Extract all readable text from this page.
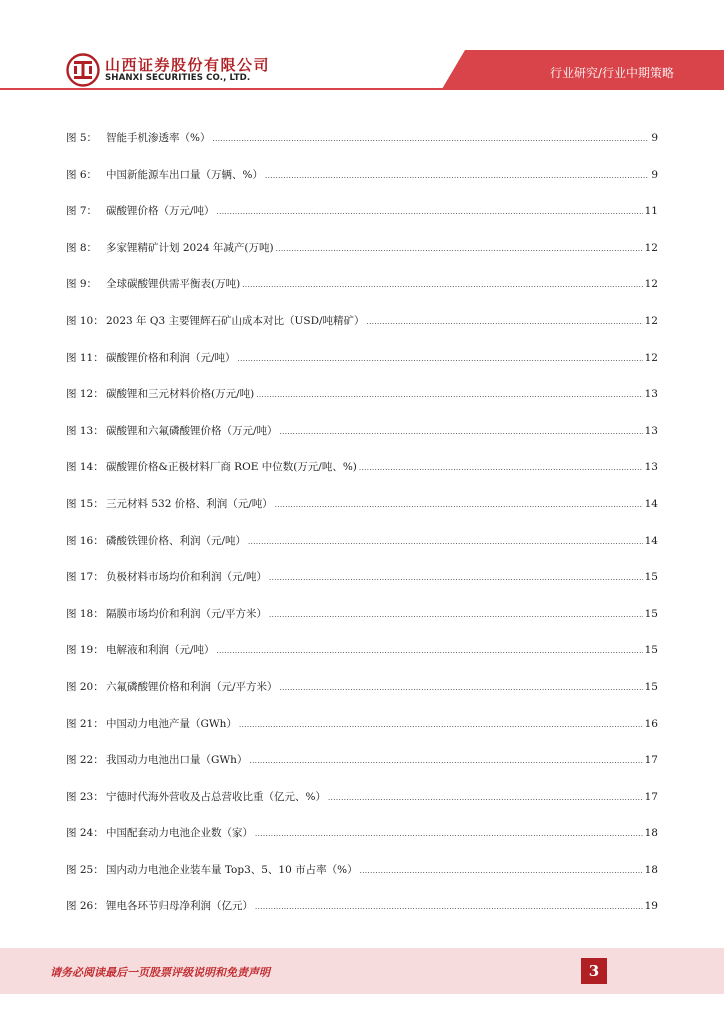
山西证券股份有限公司
SHANXI SECURITIES CO., LTD.	行业研究/行业中期策略
图 5： 智能手机渗透率（%） .....	9
图 6： 中国新能源车出口量（万辆、%） .....	9
图 7： 碳酸锂价格（万元/吨） .....	11
图 8： 多家锂精矿计划 2024 年减产(万吨) .....	12
图 9： 全球碳酸锂供需平衡表(万吨) .....	12
图 10： 2023 年 Q3 主要锂辉石矿山成本对比（USD/吨精矿） .....	12
图 11： 碳酸锂价格和利润（元/吨） .....	12
图 12： 碳酸锂和三元材料价格(万元/吨) .....	13
图 13： 碳酸锂和六氟磷酸锂价格（万元/吨） .....	13
图 14： 碳酸锂价格&正极材料厂商 ROE 中位数(万元/吨、%) .....	13
图 15： 三元材料 532 价格、利润（元/吨） .....	14
图 16： 磷酸铁锂价格、利润（元/吨） .....	14
图 17： 负极材料市场均价和利润（元/吨） .....	15
图 18： 隔膜市场均价和利润（元/平方米） .....	15
图 19： 电解液和利润（元/吨） .....	15
图 20： 六氟磷酸锂价格和利润（元/平方米） .....	15
图 21： 中国动力电池产量（GWh） .....	16
图 22： 我国动力电池出口量（GWh） .....	17
图 23： 宁德时代海外营收及占总营收比重（亿元、%） .....	17
图 24： 中国配套动力电池企业数（家） .....	18
图 25： 国内动力电池企业装车量 Top3、5、10 市占率（%） .....	18
图 26： 锂电各环节归母净利润（亿元） .....	19
请务必阅读最后一页股票评级说明和免责声明	3
